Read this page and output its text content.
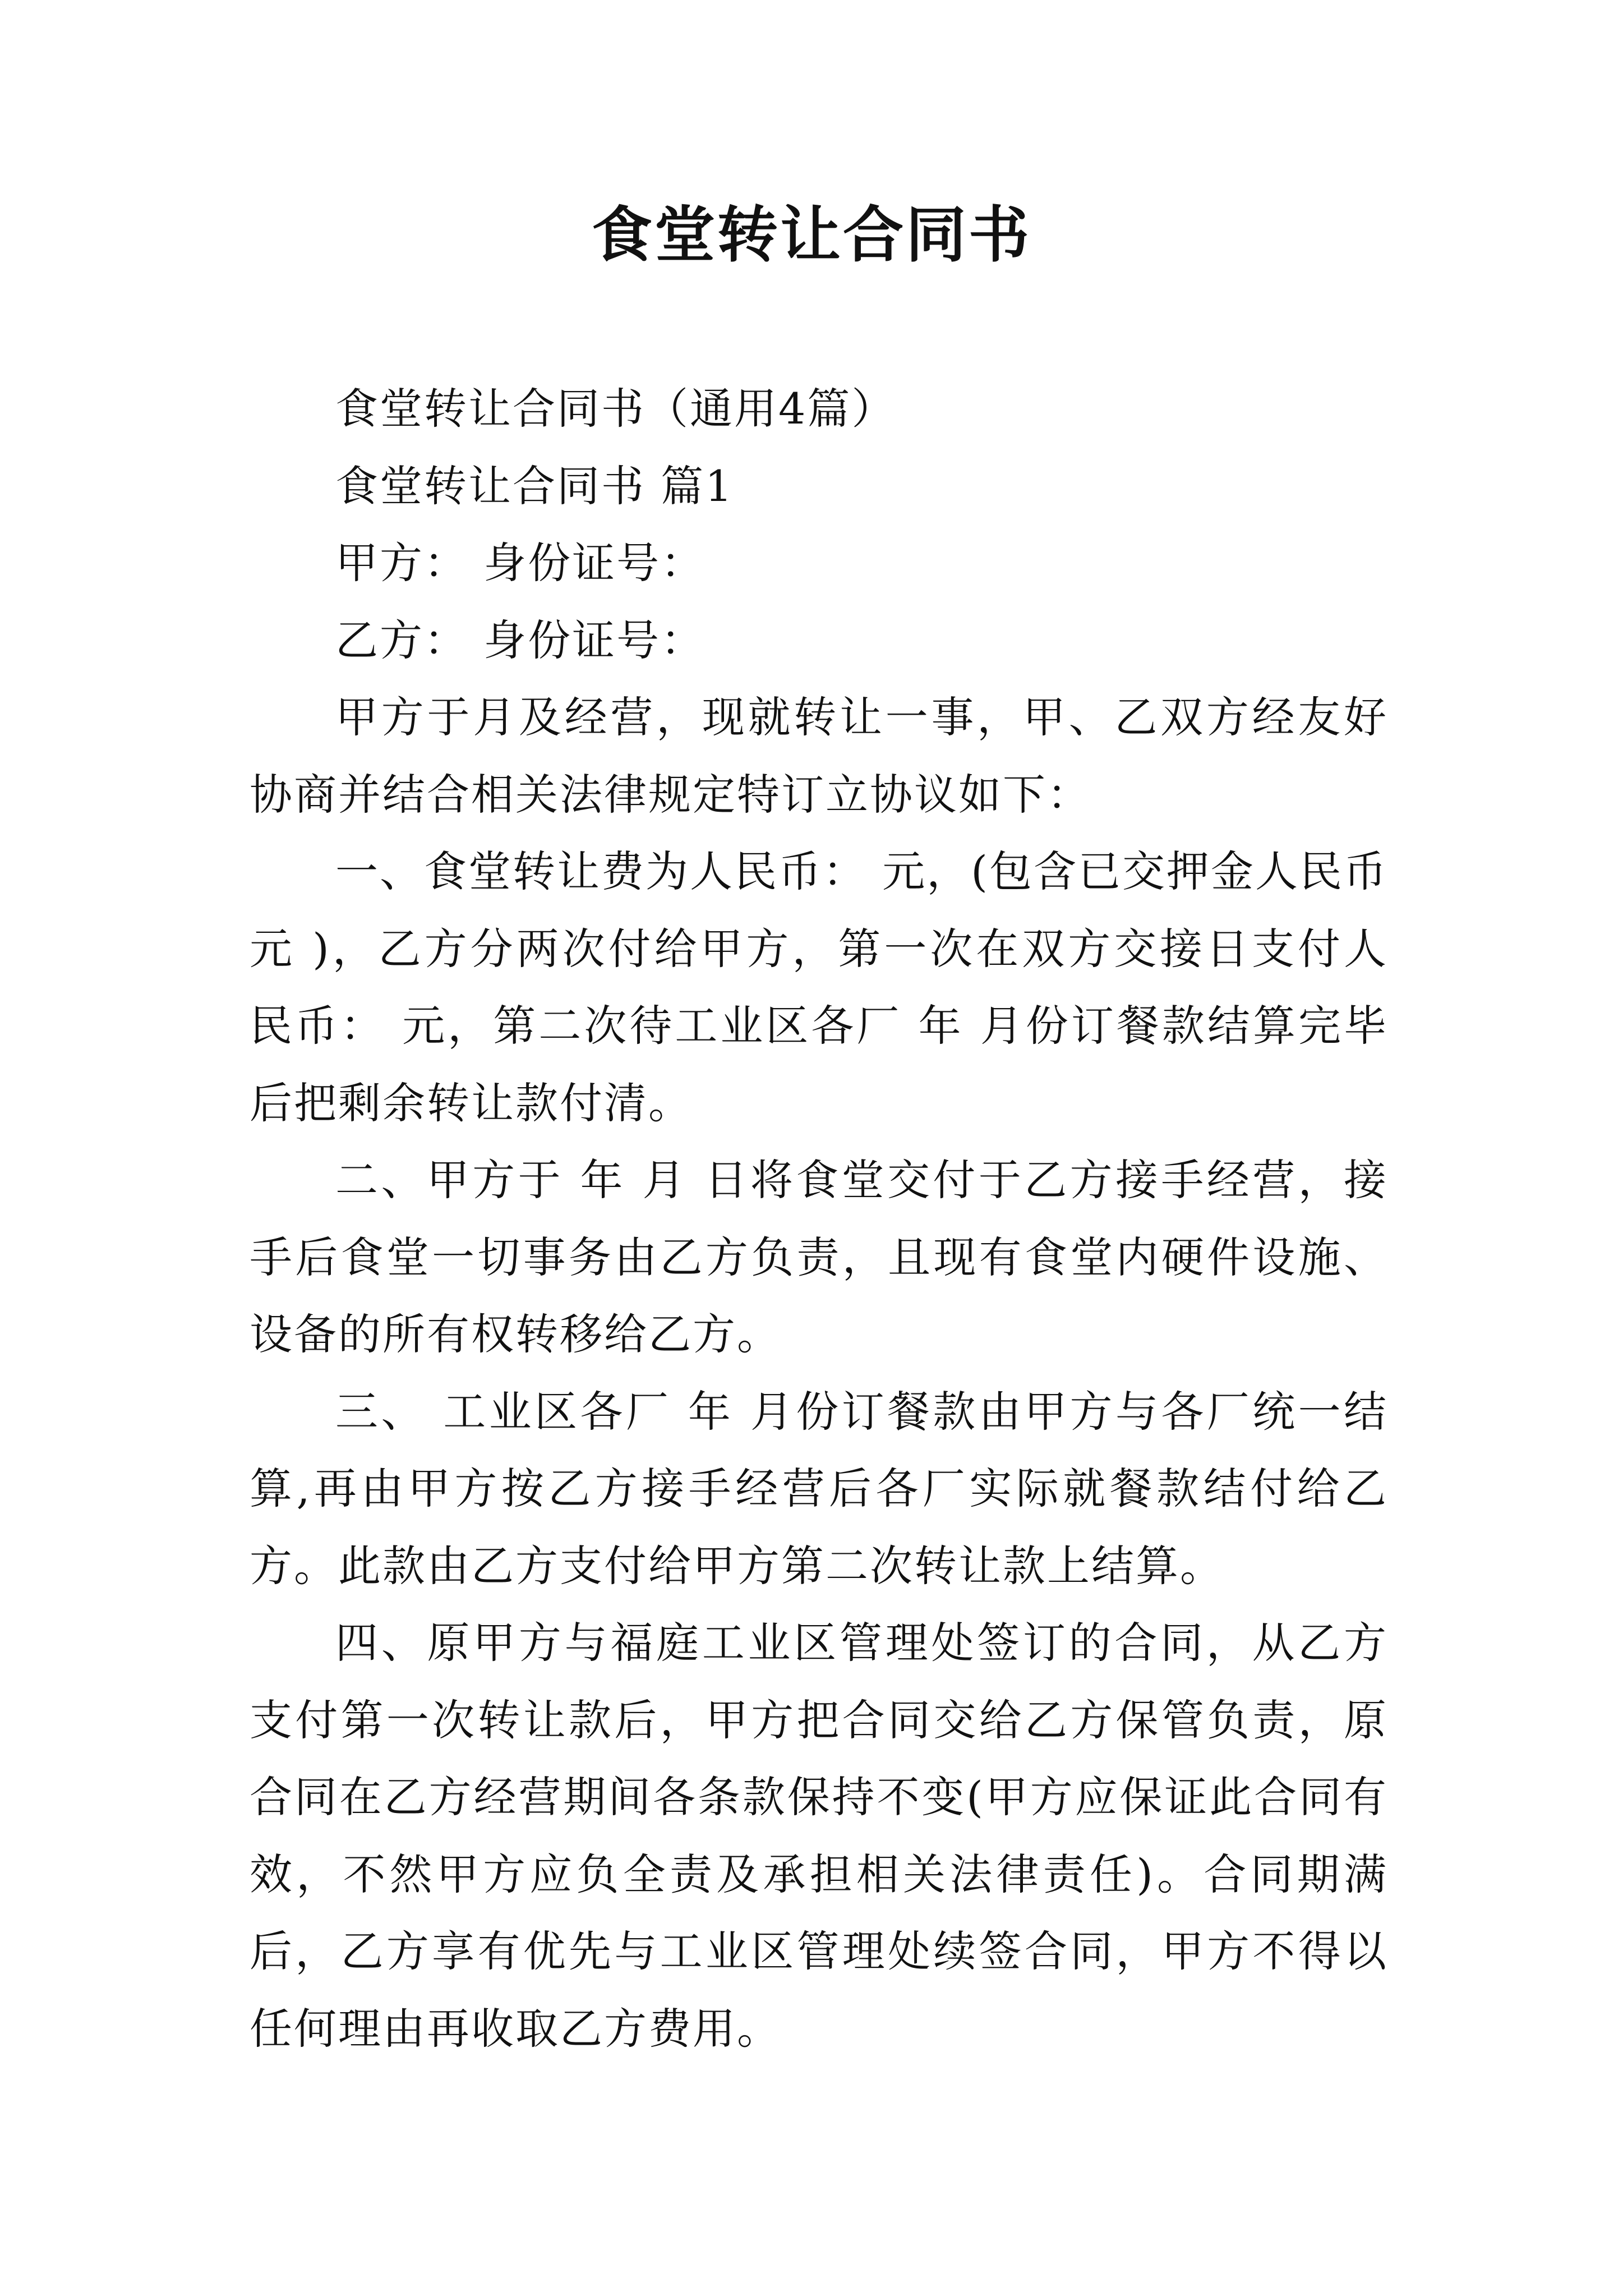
食堂转让合同书

食堂转让合同书（通用4篇）

食堂转让合同书 篇1

甲方： 身份证号：

乙方： 身份证号：

甲方于月及经营，现就转让一事，甲、乙双方经友好协商并结合相关法律规定特订立协议如下：

一、食堂转让费为人民币： 元，(包含已交押金人民币元 )，乙方分两次付给甲方，第一次在双方交接日支付人民币： 元，第二次待工业区各厂 年 月份订餐款结算完毕后把剩余转让款付清。

二、甲方于 年 月 日将食堂交付于乙方接手经营，接手后食堂一切事务由乙方负责，且现有食堂内硬件设施、设备的所有权转移给乙方。

三、 工业区各厂 年 月份订餐款由甲方与各厂统一结算,再由甲方按乙方接手经营后各厂实际就餐款结付给乙方。此款由乙方支付给甲方第二次转让款上结算。

四、原甲方与福庭工业区管理处签订的合同，从乙方支付第一次转让款后，甲方把合同交给乙方保管负责，原合同在乙方经营期间各条款保持不变(甲方应保证此合同有效，不然甲方应负全责及承担相关法律责任)。合同期满后，乙方享有优先与工业区管理处续签合同，甲方不得以任何理由再收取乙方费用。
